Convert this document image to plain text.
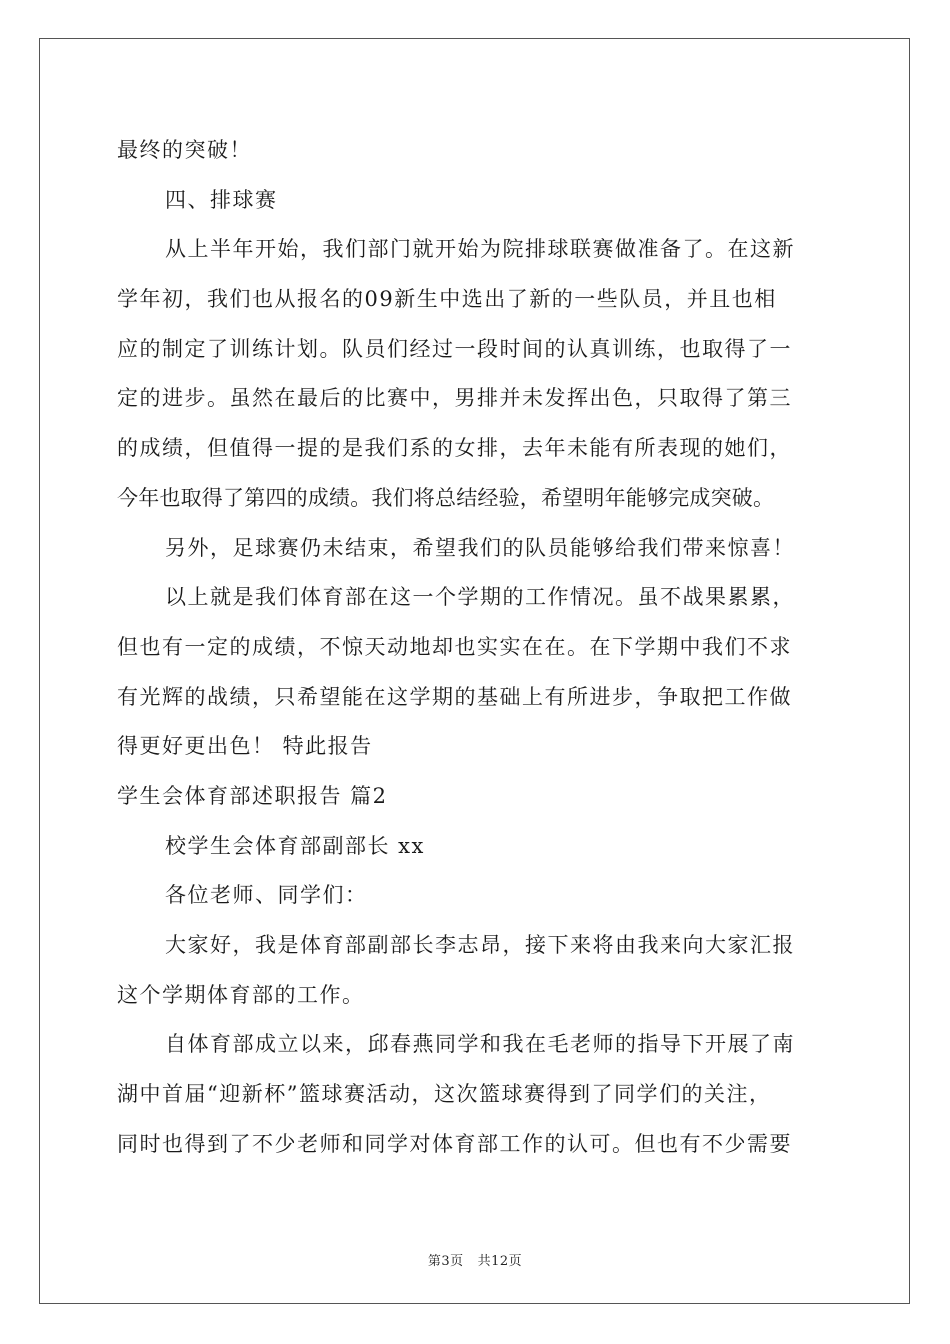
最终的突破！
四、排球赛
从上半年开始，我们部门就开始为院排球联赛做准备了。在这新
学年初，我们也从报名的09新生中选出了新的一些队员，并且也相
应的制定了训练计划。队员们经过一段时间的认真训练，也取得了一
定的进步。虽然在最后的比赛中，男排并未发挥出色，只取得了第三
的成绩，但值得一提的是我们系的女排，去年未能有所表现的她们，
今年也取得了第四的成绩。我们将总结经验，希望明年能够完成突破。
另外，足球赛仍未结束，希望我们的队员能够给我们带来惊喜！
以上就是我们体育部在这一个学期的工作情况。虽不战果累累，
但也有一定的成绩，不惊天动地却也实实在在。在下学期中我们不求
有光辉的战绩，只希望能在这学期的基础上有所进步，争取把工作做
得更好更出色！ 特此报告
学生会体育部述职报告 篇2
校学生会体育部副部长 xx
各位老师、同学们：
大家好，我是体育部副部长李志昂，接下来将由我来向大家汇报
这个学期体育部的工作。
自体育部成立以来，邱春燕同学和我在毛老师的指导下开展了南
湖中首届“迎新杯”篮球赛活动，这次篮球赛得到了同学们的关注，
同时也得到了不少老师和同学对体育部工作的认可。但也有不少需要
第3页 共12页
